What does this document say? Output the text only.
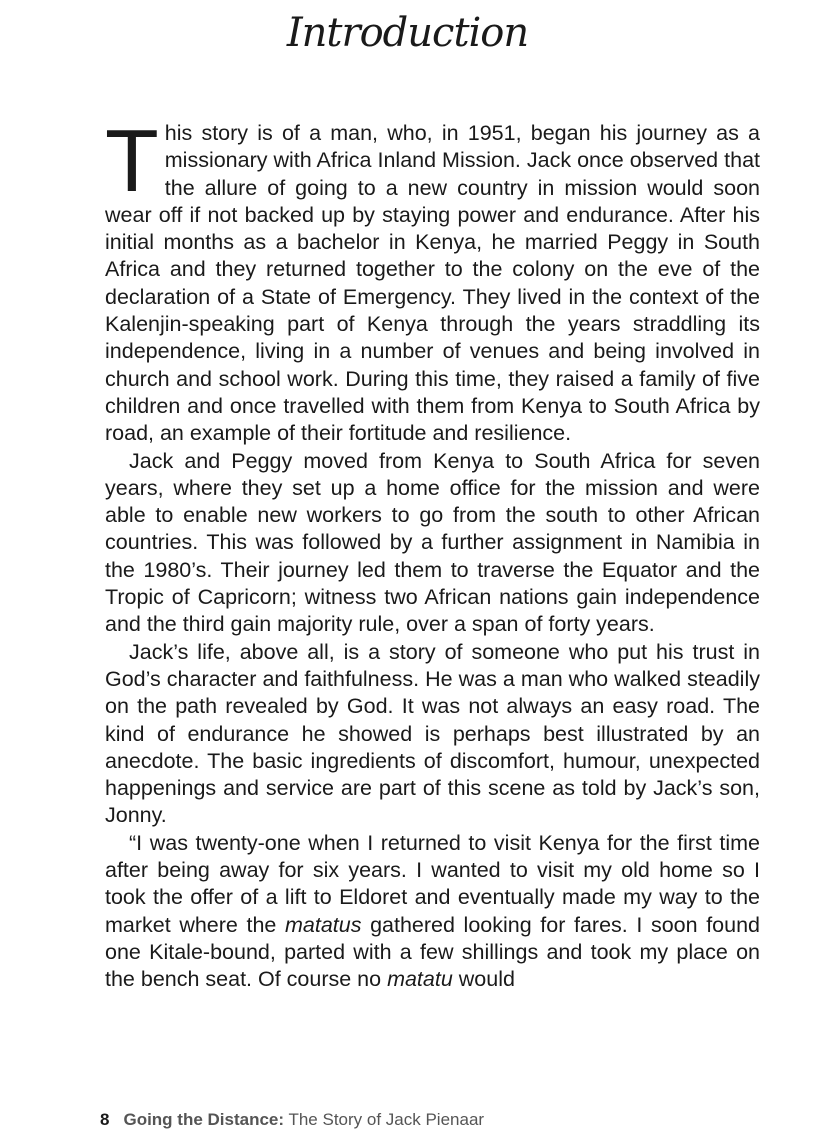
Introduction

This story is of a man, who, in 1951, began his journey as a missionary with Africa Inland Mission. Jack once observed that the allure of going to a new country in mission would soon wear off if not backed up by staying power and endurance. After his initial months as a bachelor in Kenya, he married Peggy in South Africa and they returned together to the colony on the eve of the declaration of a State of Emergency. They lived in the context of the Kalenjin-speaking part of Kenya through the years straddling its independence, living in a number of venues and being involved in church and school work. During this time, they raised a family of five children and once travelled with them from Kenya to South Africa by road, an example of their fortitude and resilience.

Jack and Peggy moved from Kenya to South Africa for seven years, where they set up a home office for the mission and were able to enable new workers to go from the south to other African countries. This was followed by a further assignment in Namibia in the 1980’s. Their journey led them to traverse the Equator and the Tropic of Capricorn; witness two African nations gain independence and the third gain majority rule, over a span of forty years.

Jack’s life, above all, is a story of someone who put his trust in God’s character and faithfulness. He was a man who walked steadily on the path revealed by God. It was not always an easy road. The kind of endurance he showed is perhaps best illustrated by an anecdote. The basic ingredients of discomfort, humour, unexpected happenings and service are part of this scene as told by Jack’s son, Jonny.

“I was twenty-one when I returned to visit Kenya for the first time after being away for six years. I wanted to visit my old home so I took the offer of a lift to Eldoret and eventually made my way to the market where the matatus gathered looking for fares. I soon found one Kitale-bound, parted with a few shillings and took my place on the bench seat. Of course no matatu would

8 Going the Distance: The Story of Jack Pienaar
